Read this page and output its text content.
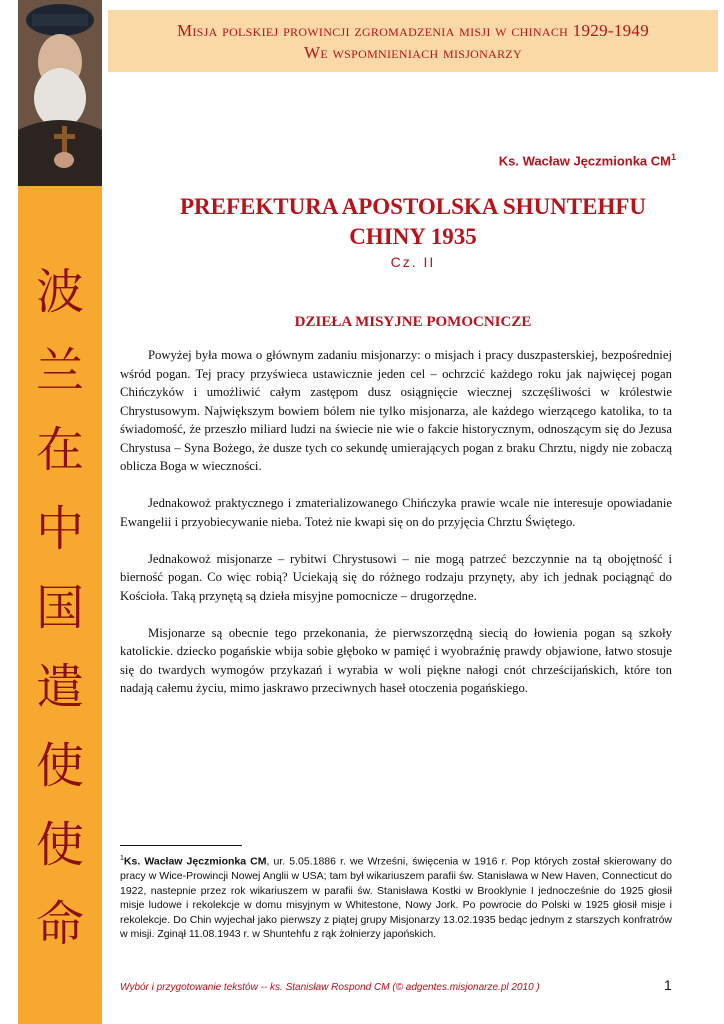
波
兰
在
中
国
遣
使
使
命
Misja polskiej prowincji zgromadzenia misji w chinach 1929-1949
We wspomnieniach misjonarzy
Ks. Wacław Jęczmionka $CM^1$
PREFEKTURA APOSTOLSKA SHUNTEHFU
CHINY 1935
Cz. II
DZIEŁA MISYJNE POMOCNICZE

Powyżej była mowa o głównym zadaniu misjonarzy: o misjach i pracy duszpasterskiej, bezpośredniej wśród pogan. Tej pracy przyświeca ustawicznie jeden cel – ochrzcić każdego roku jak najwięcej pogan Chińczyków i umożliwić całym zastępom dusz osiągnięcie wiecznej szczęśliwości w królestwie Chrystusowym. Największym bowiem bólem nie tylko misjonarza, ale każdego wierzącego katolika, to ta świadomość, że przeszło miliard ludzi na świecie nie wie o fakcie historycznym, odnoszącym się do Jezusa Chrystusa – Syna Bożego, że dusze tych co sekundę umierających pogan z braku Chrztu, nigdy nie zobaczą oblicza Boga w wieczności.

Jednakowoż praktycznego i zmaterializowanego Chińczyka prawie wcale nie interesuje opowiadanie Ewangelii i przyobiecywanie nieba. Toteż nie kwapi się on do przyjęcia Chrztu Świętego.

Jednakowoż misjonarze – rybitwi Chrystusowi – nie mogą patrzeć bezczynnie na tą obojętność i bierność pogan. Co więc robią? Uciekają się do różnego rodzaju przynęty, aby ich jednak pociągnąć do Kościoła. Taką przynętą są dzieła misyjne pomocnicze – drugorzędne.

Misjonarze są obecnie tego przekonania, że pierwszorzędną siecią do łowienia pogan są szkoły katolickie. dziecko pogańskie wbija sobie głęboko w pamięć i wyobraźnię prawdy objawione, łatwo stosuje się do twardych wymogów przykazań i wyrabia w woli piękne nałogi cnót chrześcijańskich, które ton nadają całemu życiu, mimo jaskrawo przeciwnych haseł otoczenia pogańskiego.

$^1$Ks. Wacław Jęczmionka CM, ur. 5.05.1886 r. we Wrześni, święcenia w 1916 r. Pop których został skierowany do pracy w Wice-Prowincji Nowej Anglii w USA; tam był wikariuszem parafii św. Stanisława w New Haven, Connecticut do 1922, nastepnie przez rok wikariuszem w parafii św. Stanisława Kostki w Brooklynie I jednocześnie do 1925 głosił misje ludowe i rekolekcje w domu misyjnym w Whitestone, Nowy Jork. Po powrocie do Polski w 1925 głosił misje i rekolekcje. Do Chin wyjechał jako pierwszy z piątej grupy Misjonarzy 13.02.1935 bedąc jednym z starszych konfratrów w misji. Zginął 11.08.1943 r. w Shuntehfu z rąk żołnierzy japońskich.
Wybór i przygotowanie tekstów -- ks. Stanisław Rospond CM (© adgentes.misjonarze.pl 2010 )	1
